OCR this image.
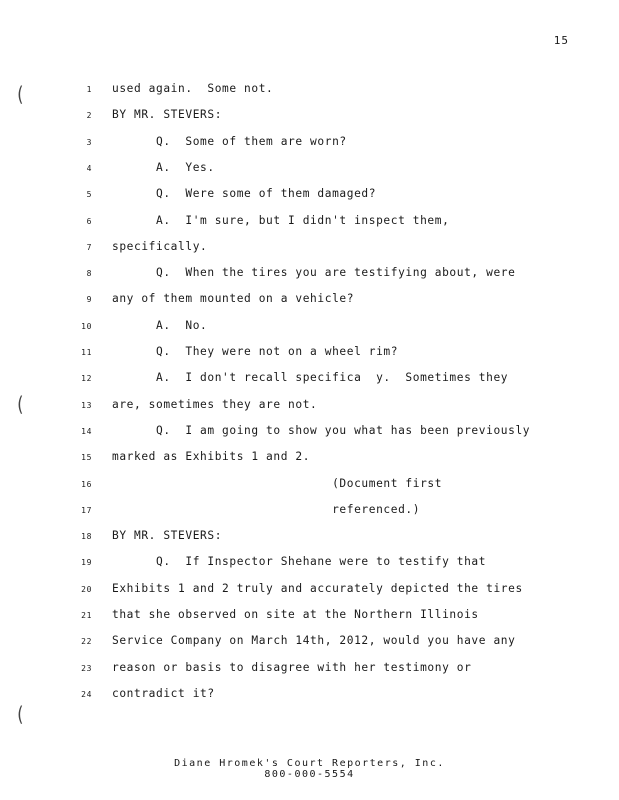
15
(
(
(
1 used again.  Some not.
2 BY MR. STEVERS:
3 Q.  Some of them are worn?
4 A.  Yes.
5 Q.  Were some of them damaged?
6 A.  I'm sure, but I didn't inspect them,
7 specifically.
8 Q.  When the tires you are testifying about, were
9 any of them mounted on a vehicle?
10 A.  No.
11 Q.  They were not on a wheel rim?
12 A.  I don't recall specifica  y.  Sometimes they
13 are, sometimes they are not.
14 Q.  I am going to show you what has been previously
15 marked as Exhibits 1 and 2.
16 (Document first
17 referenced.)
18 BY MR. STEVERS:
19 Q.  If Inspector Shehane were to testify that
20 Exhibits 1 and 2 truly and accurately depicted the tires
21 that she observed on site at the Northern Illinois
22 Service Company on March 14th, 2012, would you have any
23 reason or basis to disagree with her testimony or
24 contradict it?
Diane Hromek's Court Reporters, Inc.
800-000-5554
